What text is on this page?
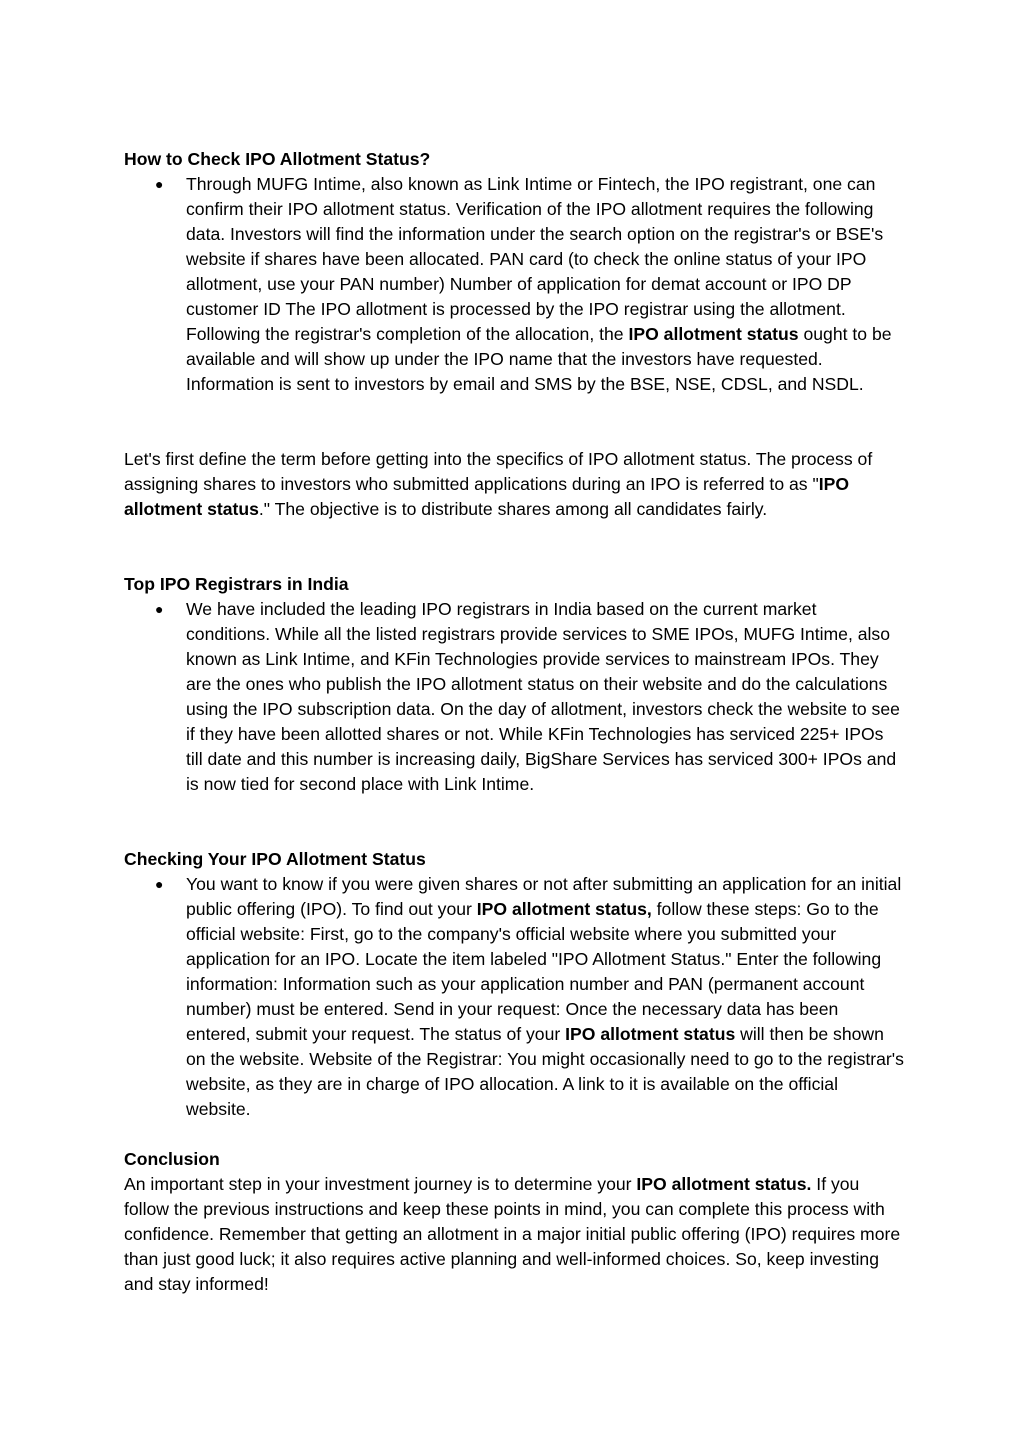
How to Check IPO Allotment Status?

●	Through MUFG Intime, also known as Link Intime or Fintech, the IPO registrant, one can confirm their IPO allotment status. Verification of the IPO allotment requires the following data. Investors will find the information under the search option on the registrar's or BSE's website if shares have been allocated. PAN card (to check the online status of your IPO allotment, use your PAN number) Number of application for demat account or IPO DP customer ID The IPO allotment is processed by the IPO registrar using the allotment. Following the registrar's completion of the allocation, the IPO allotment status ought to be available and will show up under the IPO name that the investors have requested. Information is sent to investors by email and SMS by the BSE, NSE, CDSL, and NSDL.

Let's first define the term before getting into the specifics of IPO allotment status. The process of assigning shares to investors who submitted applications during an IPO is referred to as "IPO allotment status." The objective is to distribute shares among all candidates fairly.

Top IPO Registrars in India

●	We have included the leading IPO registrars in India based on the current market conditions. While all the listed registrars provide services to SME IPOs, MUFG Intime, also known as Link Intime, and KFin Technologies provide services to mainstream IPOs. They are the ones who publish the IPO allotment status on their website and do the calculations using the IPO subscription data. On the day of allotment, investors check the website to see if they have been allotted shares or not. While KFin Technologies has serviced 225+ IPOs till date and this number is increasing daily, BigShare Services has serviced 300+ IPOs and is now tied for second place with Link Intime.

Checking Your IPO Allotment Status

●	You want to know if you were given shares or not after submitting an application for an initial public offering (IPO). To find out your IPO allotment status, follow these steps: Go to the official website: First, go to the company's official website where you submitted your application for an IPO. Locate the item labeled "IPO Allotment Status." Enter the following information: Information such as your application number and PAN (permanent account number) must be entered. Send in your request: Once the necessary data has been entered, submit your request. The status of your IPO allotment status will then be shown on the website. Website of the Registrar: You might occasionally need to go to the registrar's website, as they are in charge of IPO allocation. A link to it is available on the official website.

Conclusion

An important step in your investment journey is to determine your IPO allotment status. If you follow the previous instructions and keep these points in mind, you can complete this process with confidence. Remember that getting an allotment in a major initial public offering (IPO) requires more than just good luck; it also requires active planning and well-informed choices. So, keep investing and stay informed!
